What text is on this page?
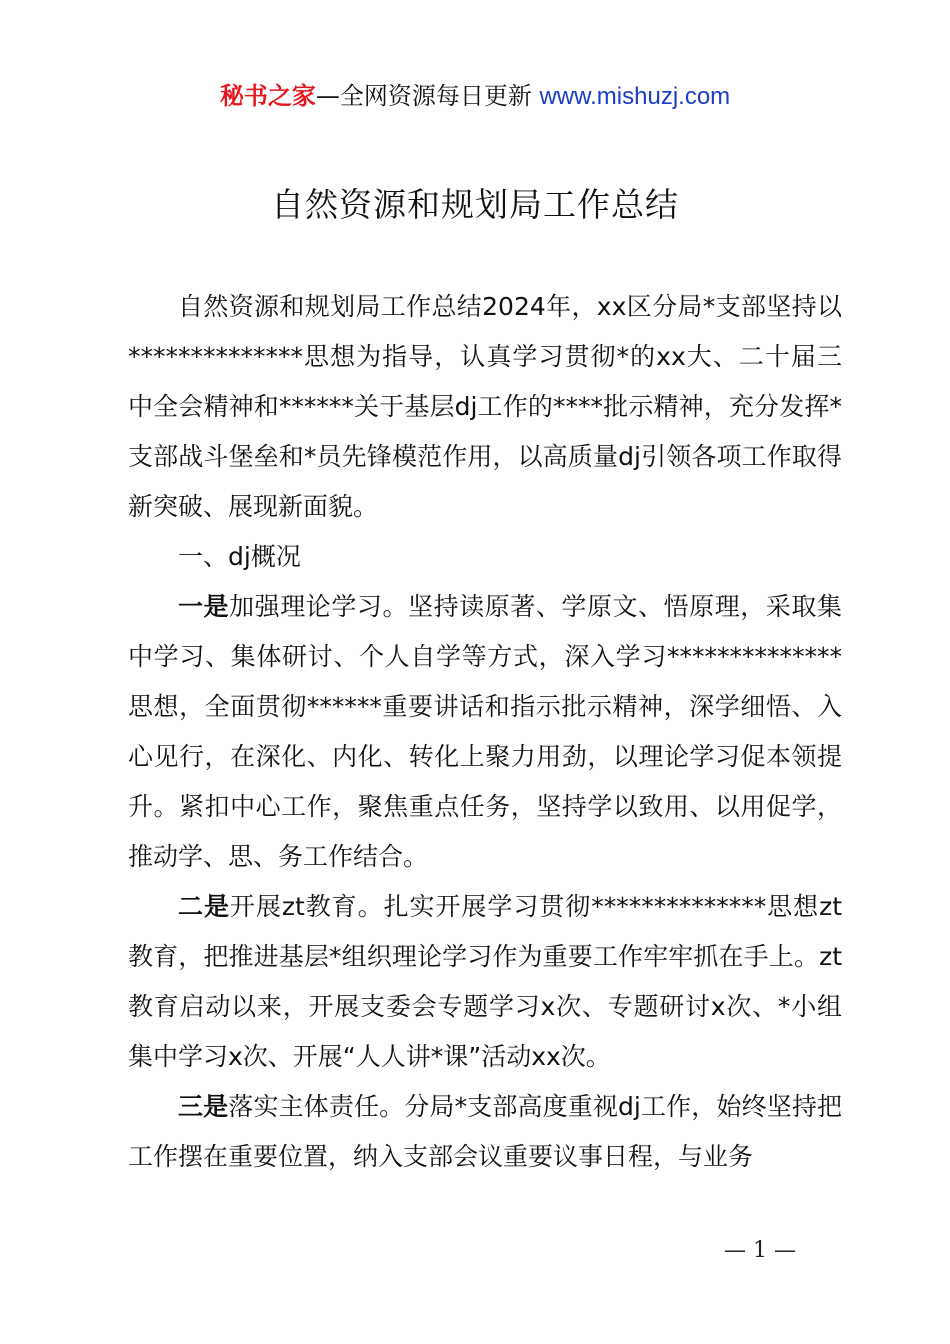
秘书之家—全网资源每日更新 www.mishuzj.com
自然资源和规划局工作总结

自然资源和规划局工作总结2024年，xx区分局*支部坚持以**************思想为指导，认真学习贯彻*的xx大、二十届三中全会精神和******关于基层dj工作的****批示精神，充分发挥*支部战斗堡垒和*员先锋模范作用，以高质量dj引领各项工作取得新突破、展现新面貌。

一、dj概况

一是加强理论学习。坚持读原著、学原文、悟原理，采取集中学习、集体研讨、个人自学等方式，深入学习**************思想，全面贯彻******重要讲话和指示批示精神，深学细悟、入心见行，在深化、内化、转化上聚力用劲，以理论学习促本领提升。紧扣中心工作，聚焦重点任务，坚持学以致用、以用促学，推动学、思、务工作结合。

二是开展zt教育。扎实开展学习贯彻**************思想zt教育，把推进基层*组织理论学习作为重要工作牢牢抓在手上。zt教育启动以来，开展支委会专题学习x次、专题研讨x次、*小组集中学习x次、开展“人人讲*课”活动xx次。

三是落实主体责任。分局*支部高度重视dj工作，始终坚持把工作摆在重要位置，纳入支部会议重要议事日程，与业务

— 1 —
